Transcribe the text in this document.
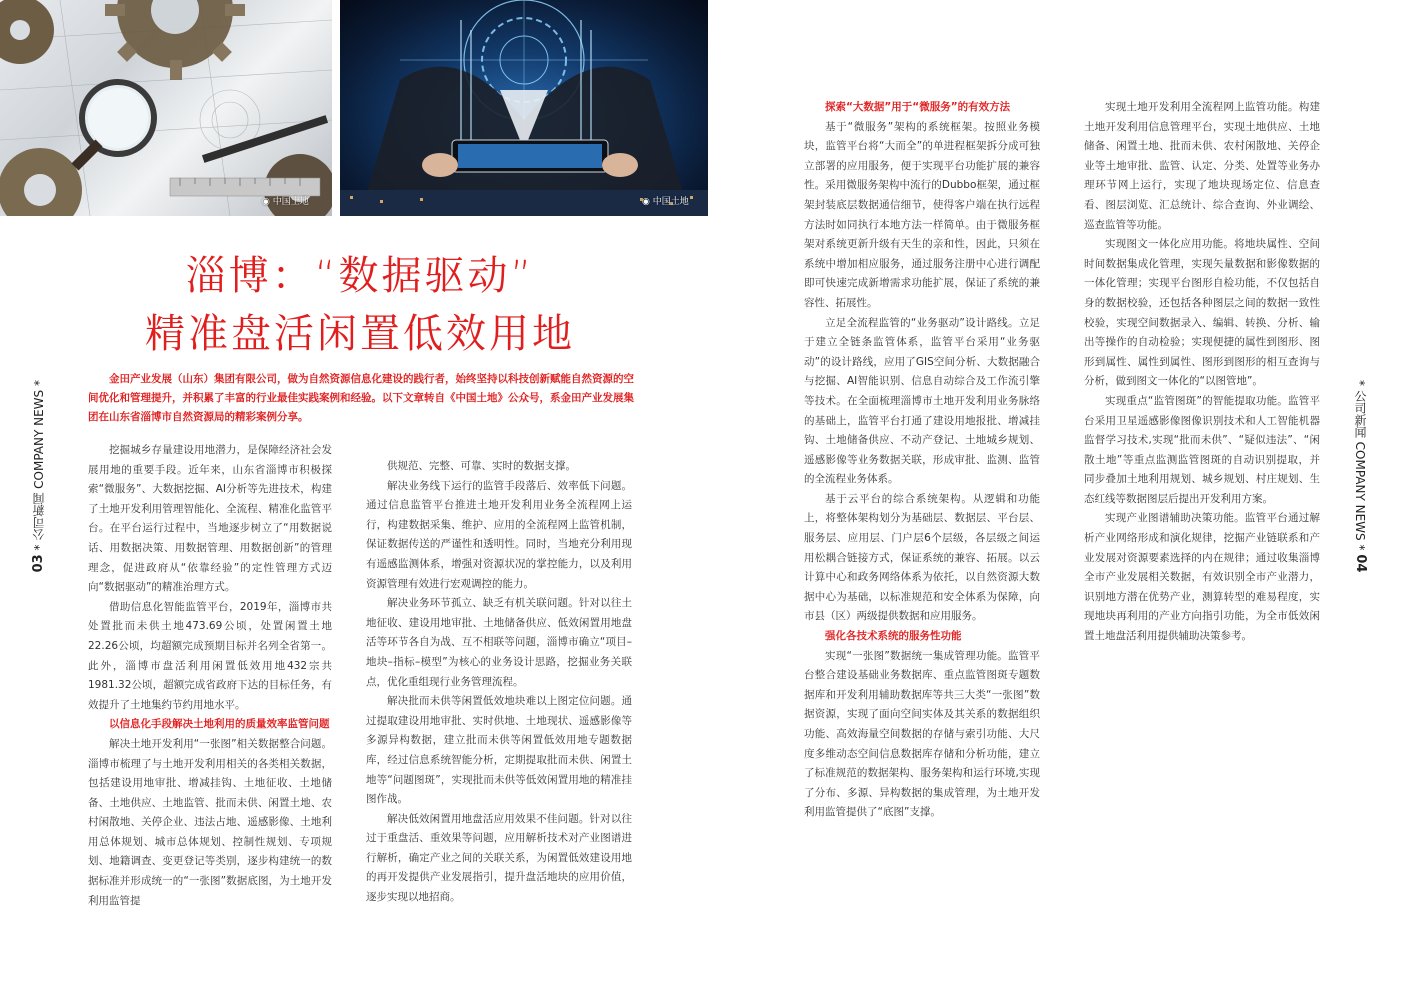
◉ 中国土地	◉ 中国土地
淄博：“数据驱动”
精准盘活闲置低效用地
金田产业发展（山东）集团有限公司，做为自然资源信息化建设的践行者，始终坚持以科技创新赋能自然资源的空间优化和管理提升，并积累了丰富的行业最佳实践案例和经验。以下文章转自《中国土地》公众号，系金田产业发展集团在山东省淄博市自然资源局的精彩案例分享。
03 * 公司新闻 COMPANY NEWS *	* 公司新闻 COMPANY NEWS * 04

挖掘城乡存量建设用地潜力，是保障经济社会发展用地的重要手段。近年来，山东省淄博市积极探索“微服务”、大数据挖掘、AI分析等先进技术，构建了土地开发利用管理智能化、全流程、精准化监管平台。在平台运行过程中，当地逐步树立了“用数据说话、用数据决策、用数据管理、用数据创新”的管理理念，促进政府从“依靠经验”的定性管理方式迈向“数据驱动”的精准治理方式。

借助信息化智能监管平台，2019年，淄博市共处置批而未供土地473.69公顷，处置闲置土地22.26公顷，均超额完成预期目标并名列全省第一。此外，淄博市盘活利用闲置低效用地432宗共1981.32公顷，超额完成省政府下达的目标任务，有效提升了土地集约节约用地水平。

以信息化手段解决土地利用的质量效率监管问题

解决土地开发利用“一张图”相关数据整合问题。淄博市梳理了与土地开发利用相关的各类相关数据，包括建设用地审批、增减挂钩、土地征收、土地储备、土地供应、土地监管、批而未供、闲置土地、农村闲散地、关停企业、违法占地、遥感影像、土地利用总体规划、城市总体规划、控制性规划、专项规划、地籍调查、变更登记等类别，逐步构建统一的数据标准并形成统一的“一张图”数据底图，为土地开发利用监管提

供规范、完整、可靠、实时的数据支撑。

解决业务线下运行的监管手段落后、效率低下问题。通过信息监管平台推进土地开发利用业务全流程网上运行，构建数据采集、维护、应用的全流程网上监管机制，保证数据传送的严谨性和透明性。同时，当地充分利用现有遥感监测体系，增强对资源状况的掌控能力，以及利用资源管理有效进行宏观调控的能力。

解决业务环节孤立、缺乏有机关联问题。针对以往土地征收、建设用地审批、土地储备供应、低效闲置用地盘活等环节各自为战、互不相联等问题，淄博市确立“项目–地块–指标–模型”为核心的业务设计思路，挖掘业务关联点，优化重组现行业务管理流程。

解决批而未供等闲置低效地块难以上图定位问题。通过提取建设用地审批、实时供地、土地现状、遥感影像等多源异构数据，建立批而未供等闲置低效用地专题数据库，经过信息系统智能分析，定期提取批而未供、闲置土地等“问题图斑”，实现批而未供等低效闲置用地的精准挂图作战。

解决低效闲置用地盘活应用效果不佳问题。针对以往过于重盘活、重效果等问题，应用解析技术对产业图谱进行解析，确定产业之间的关联关系，为闲置低效建设用地的再开发提供产业发展指引，提升盘活地块的应用价值，逐步实现以地招商。

探索“大数据”用于“微服务”的有效方法

基于“微服务”架构的系统框架。按照业务模块，监管平台将“大而全”的单进程框架拆分成可独立部署的应用服务，便于实现平台功能扩展的兼容性。采用微服务架构中流行的Dubbo框架，通过框架封装底层数据通信细节，使得客户端在执行远程方法时如同执行本地方法一样简单。由于微服务框架对系统更新升级有天生的亲和性，因此，只须在系统中增加相应服务，通过服务注册中心进行调配即可快速完成新增需求功能扩展，保证了系统的兼容性、拓展性。

立足全流程监管的“业务驱动”设计路线。立足于建立全链条监管体系，监管平台采用“业务驱动”的设计路线，应用了GIS空间分析、大数据融合与挖掘、AI智能识别、信息自动综合及工作流引擎等技术。在全面梳理淄博市土地开发利用业务脉络的基础上，监管平台打通了建设用地报批、增减挂钩、土地储备供应、不动产登记、土地城乡规划、遥感影像等业务数据关联，形成审批、监测、监管的全流程业务体系。

基于云平台的综合系统架构。从逻辑和功能上，将整体架构划分为基础层、数据层、平台层、服务层、应用层、门户层6个层级，各层级之间运用松耦合链接方式，保证系统的兼容、拓展。以云计算中心和政务网络体系为依托，以自然资源大数据中心为基础，以标准规范和安全体系为保障，向市县（区）两级提供数据和应用服务。

强化各技术系统的服务性功能

实现“一张图”数据统一集成管理功能。监管平台整合建设基础业务数据库、重点监管图斑专题数据库和开发利用辅助数据库等共三大类“一张图”数据资源，实现了面向空间实体及其关系的数据组织功能、高效海量空间数据的存储与索引功能、大尺度多维动态空间信息数据库存储和分析功能，建立了标准规范的数据架构、服务架构和运行环境,实现了分布、多源、异构数据的集成管理，为土地开发利用监管提供了“底图”支撑。

实现土地开发利用全流程网上监管功能。构建土地开发利用信息管理平台，实现土地供应、土地储备、闲置土地、批而未供、农村闲散地、关停企业等土地审批、监管、认定、分类、处置等业务办理环节网上运行，实现了地块现场定位、信息查看、图层浏览、汇总统计、综合查询、外业调绘、巡查监管等功能。

实现图文一体化应用功能。将地块属性、空间时间数据集成化管理，实现矢量数据和影像数据的一体化管理；实现平台图形自检功能，不仅包括自身的数据校验，还包括各种图层之间的数据一致性校验，实现空间数据录入、编辑、转换、分析、输出等操作的自动检验；实现便捷的属性到图形、图形到属性、属性到属性、图形到图形的相互查询与分析，做到图文一体化的“以图管地”。

实现重点“监管图斑”的智能提取功能。监管平台采用卫星遥感影像图像识别技术和人工智能机器监督学习技术,实现“批而未供”、“疑似违法”、“闲散土地”等重点监测监管图斑的自动识别提取，并同步叠加土地利用规划、城乡规划、村庄规划、生态红线等数据图层后提出开发利用方案。

实现产业图谱辅助决策功能。监管平台通过解析产业网络形成和演化规律，挖掘产业链联系和产业发展对资源要素选择的内在规律；通过收集淄博全市产业发展相关数据，有效识别全市产业潜力，识别地方潜在优势产业，测算转型的难易程度，实现地块再利用的产业方向指引功能，为全市低效闲置土地盘活利用提供辅助决策参考。
